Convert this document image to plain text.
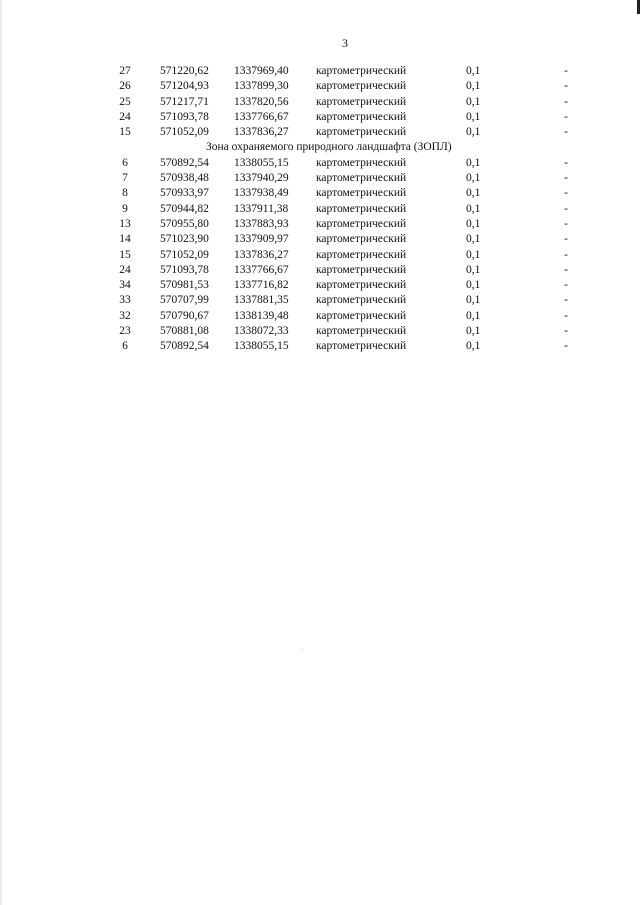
3
27	571220,62	1337969,40	картометрический	0,1	-
26	571204,93	1337899,30	картометрический	0,1	-
25	571217,71	1337820,56	картометрический	0,1	-
24	571093,78	1337766,67	картометрический	0,1	-
15	571052,09	1337836,27	картометрический	0,1	-
Зона охраняемого природного ландшафта (ЗОПЛ)
6	570892,54	1338055,15	картометрический	0,1	-
7	570938,48	1337940,29	картометрический	0,1	-
8	570933,97	1337938,49	картометрический	0,1	-
9	570944,82	1337911,38	картометрический	0,1	-
13	570955,80	1337883,93	картометрический	0,1	-
14	571023,90	1337909,97	картометрический	0,1	-
15	571052,09	1337836,27	картометрический	0,1	-
24	571093,78	1337766,67	картометрический	0,1	-
34	570981,53	1337716,82	картометрический	0,1	-
33	570707,99	1337881,35	картометрический	0,1	-
32	570790,67	1338139,48	картометрический	0,1	-
23	570881,08	1338072,33	картометрический	0,1	-
6	570892,54	1338055,15	картометрический	0,1	-
